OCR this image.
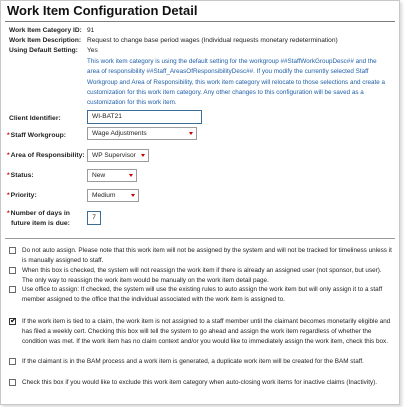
Work Item Configuration Detail
Work Item Category ID: 91
Work Item Description: Request to change base period wages (Individual requests monetary redetermination)
Using Default Setting:	Yes
This work item category is using the default setting for the workgroup ##StaffWorkGroupDesc## and the area of responsibility ##Staff_AreasOfResponsibilityDesc##. If you modify the currently selected Staff Workgroup and Area of Responsibility, this work item category will relocate to those selections and create a customization for this work item category. Any other changes to this configuration will be saved as a customization for this work item.
Client Identifier:	WI-BAT21
*Staff Workgroup:	Wage Adjustments
*Area of Responsibility:	WP Supervisor
*Status:	New
*Priority:	Medium
*Number of days in
future item is due:
7
Do not auto assign. Please note that this work item will not be assigned by the system and will not be tracked for timeliness unless it is manually assigned to staff.
When this box is checked, the system will not reassign the work item if there is already an assigned user (not sponsor, but user). The only way to reassign the work item would be manually on the work item detail page.
Use office to assign: If checked, the system will use the existing rules to auto assign the work item but will only assign it to a staff member assigned to the office that the individual associated with the work item is assigned to.
✔ If the work item is tied to a claim, the work item is not assigned to a staff member until the claimant becomes monetarily eligible and has filed a weekly cert. Checking this box will tell the system to go ahead and assign the work item regardless of whether the condition was met. If the work item has no claim context and/or you would like to immediately assign the work item, check this box.
If the claimant is in the BAM process and a work item is generated, a duplicate work item will be created for the BAM staff.
Check this box if you would like to exclude this work item category when auto-closing work items for inactive claims (Inactivity).
